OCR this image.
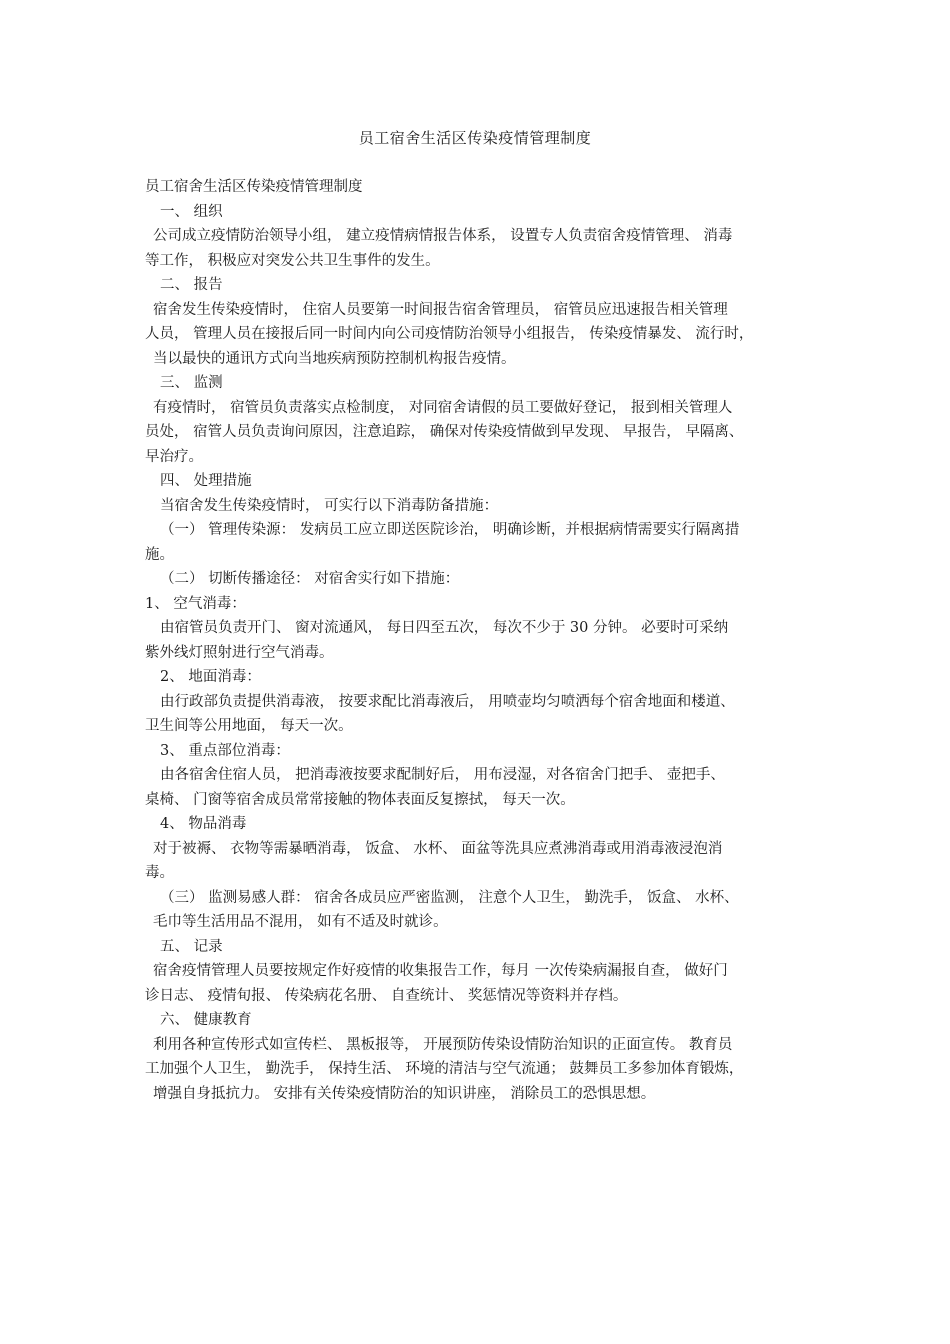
员工宿舍生活区传染疫情管理制度
员工宿舍生活区传染疫情管理制度
一、 组织
公司成立疫情防治领导小组， 建立疫情病情报告体系， 设置专人负责宿舍疫情管理、 消毒
等工作， 积极应对突发公共卫生事件的发生。
二、 报告
宿舍发生传染疫情时， 住宿人员要第一时间报告宿舍管理员， 宿管员应迅速报告相关管理
人员， 管理人员在接报后同一时间内向公司疫情防治领导小组报告， 传染疫情暴发、 流行时，
当以最快的通讯方式向当地疾病预防控制机构报告疫情。
三、 监测
有疫情时， 宿管员负责落实点检制度， 对同宿舍请假的员工要做好登记， 报到相关管理人
员处， 宿管人员负责询问原因，注意追踪， 确保对传染疫情做到早发现、 早报告， 早隔离、
早治疗。
四、 处理措施
当宿舍发生传染疫情时， 可实行以下消毒防备措施：
（一） 管理传染源： 发病员工应立即送医院诊治， 明确诊断，并根据病情需要实行隔离措
施。
（二） 切断传播途径： 对宿舍实行如下措施：
1、 空气消毒：
由宿管员负责开门、 窗对流通风， 每日四至五次， 每次不少于 30 分钟。 必要时可采纳
紫外线灯照射进行空气消毒。
2、 地面消毒：
由行政部负责提供消毒液， 按要求配比消毒液后， 用喷壶均匀喷洒每个宿舍地面和楼道、
卫生间等公用地面， 每天一次。
3、 重点部位消毒：
由各宿舍住宿人员， 把消毒液按要求配制好后， 用布浸湿，对各宿舍门把手、 壶把手、
桌椅、 门窗等宿舍成员常常接触的物体表面反复擦拭， 每天一次。
4、 物品消毒
对于被褥、 衣物等需暴晒消毒， 饭盒、 水杯、 面盆等洗具应煮沸消毒或用消毒液浸泡消
毒。
（三） 监测易感人群： 宿舍各成员应严密监测， 注意个人卫生， 勤洗手， 饭盒、 水杯、
毛巾等生活用品不混用， 如有不适及时就诊。
五、 记录
宿舍疫情管理人员要按规定作好疫情的收集报告工作，每月 一次传染病漏报自查， 做好门
诊日志、 疫情旬报、 传染病花名册、 自查统计、 奖惩情况等资料并存档。
六、 健康教育
利用各种宣传形式如宣传栏、 黑板报等， 开展预防传染设情防治知识的正面宣传。 教育员
工加强个人卫生， 勤洗手， 保持生活、 环境的清洁与空气流通； 鼓舞员工多参加体育锻炼，
增强自身抵抗力。 安排有关传染疫情防治的知识讲座， 消除员工的恐惧思想。
